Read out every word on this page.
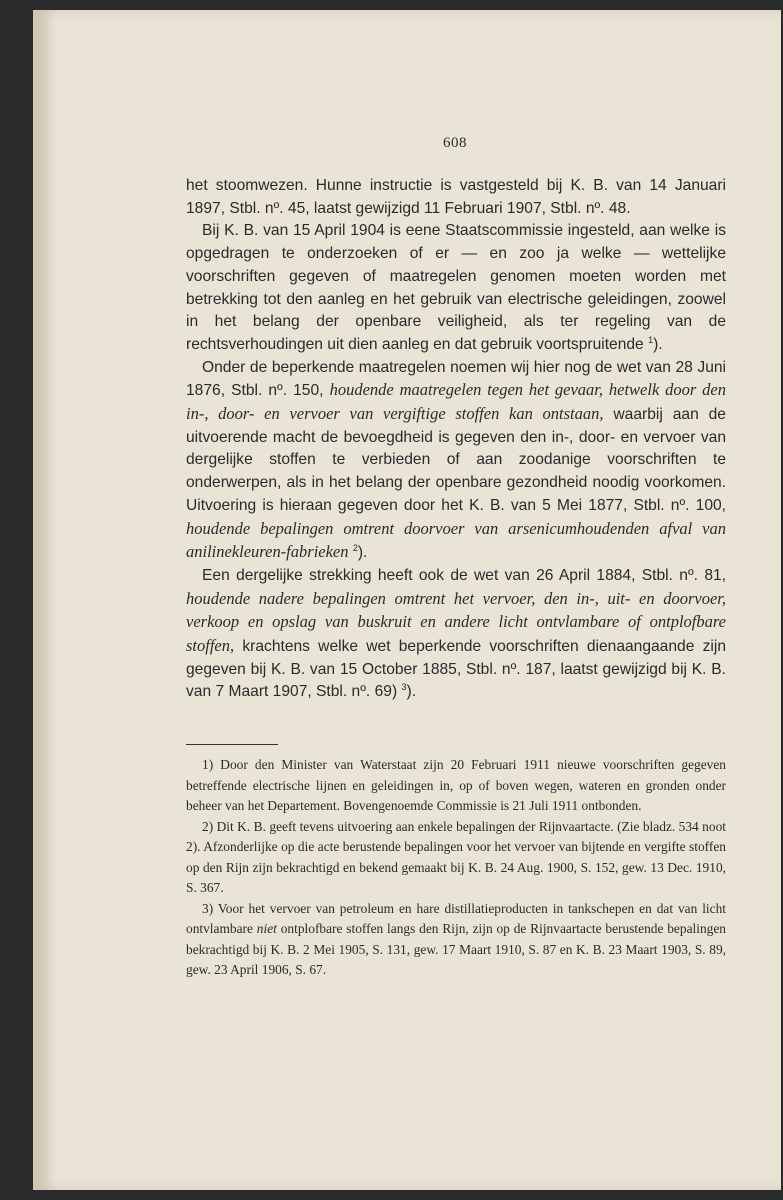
608

het stoomwezen. Hunne instructie is vastgesteld bij K. B. van 14 Januari 1897, Stbl. nº. 45, laatst gewijzigd 11 Februari 1907, Stbl. nº. 48.

Bij K. B. van 15 April 1904 is eene Staatscommissie ingesteld, aan welke is opgedragen te onderzoeken of er — en zoo ja welke — wettelijke voorschriften gegeven of maatregelen genomen moeten worden met betrekking tot den aanleg en het gebruik van electrische geleidingen, zoowel in het belang der openbare veiligheid, als ter regeling van de rechtsverhoudingen uit dien aanleg en dat gebruik voortspruitende $^1$).

Onder de beperkende maatregelen noemen wij hier nog de wet van 28 Juni 1876, Stbl. nº. 150, houdende maatregelen tegen het gevaar, hetwelk door den in-, door- en vervoer van vergiftige stoffen kan ontstaan, waarbij aan de uitvoerende macht de bevoegdheid is gegeven den in-, door- en vervoer van dergelijke stoffen te verbieden of aan zoodanige voorschriften te onderwerpen, als in het belang der openbare gezondheid noodig voorkomen. Uitvoering is hieraan gegeven door het K. B. van 5 Mei 1877, Stbl. nº. 100, houdende bepalingen omtrent doorvoer van arsenicumhoudenden afval van anilinekleuren-fabrieken $^2$).

Een dergelijke strekking heeft ook de wet van 26 April 1884, Stbl. nº. 81, houdende nadere bepalingen omtrent het vervoer, den in-, uit- en doorvoer, verkoop en opslag van buskruit en andere licht ontvlambare of ontplofbare stoffen, krachtens welke wet beperkende voorschriften dienaangaande zijn gegeven bij K. B. van 15 October 1885, Stbl. nº. 187, laatst gewijzigd bij K. B. van 7 Maart 1907, Stbl. nº. 69) $^3$).

1) Door den Minister van Waterstaat zijn 20 Februari 1911 nieuwe voorschriften gegeven betreffende electrische lijnen en geleidingen in, op of boven wegen, wateren en gronden onder beheer van het Departement. Bovengenoemde Commissie is 21 Juli 1911 ontbonden.

2) Dit K. B. geeft tevens uitvoering aan enkele bepalingen der Rijnvaartacte. (Zie bladz. 534 noot 2). Afzonderlijke op die acte berustende bepalingen voor het vervoer van bijtende en vergifte stoffen op den Rijn zijn bekrachtigd en bekend gemaakt bij K. B. 24 Aug. 1900, S. 152, gew. 13 Dec. 1910, S. 367.

3) Voor het vervoer van petroleum en hare distillatieproducten in tankschepen en dat van licht ontvlambare niet ontplofbare stoffen langs den Rijn, zijn op de Rijnvaartacte berustende bepalingen bekrachtigd bij K. B. 2 Mei 1905, S. 131, gew. 17 Maart 1910, S. 87 en K. B. 23 Maart 1903, S. 89, gew. 23 April 1906, S. 67.
